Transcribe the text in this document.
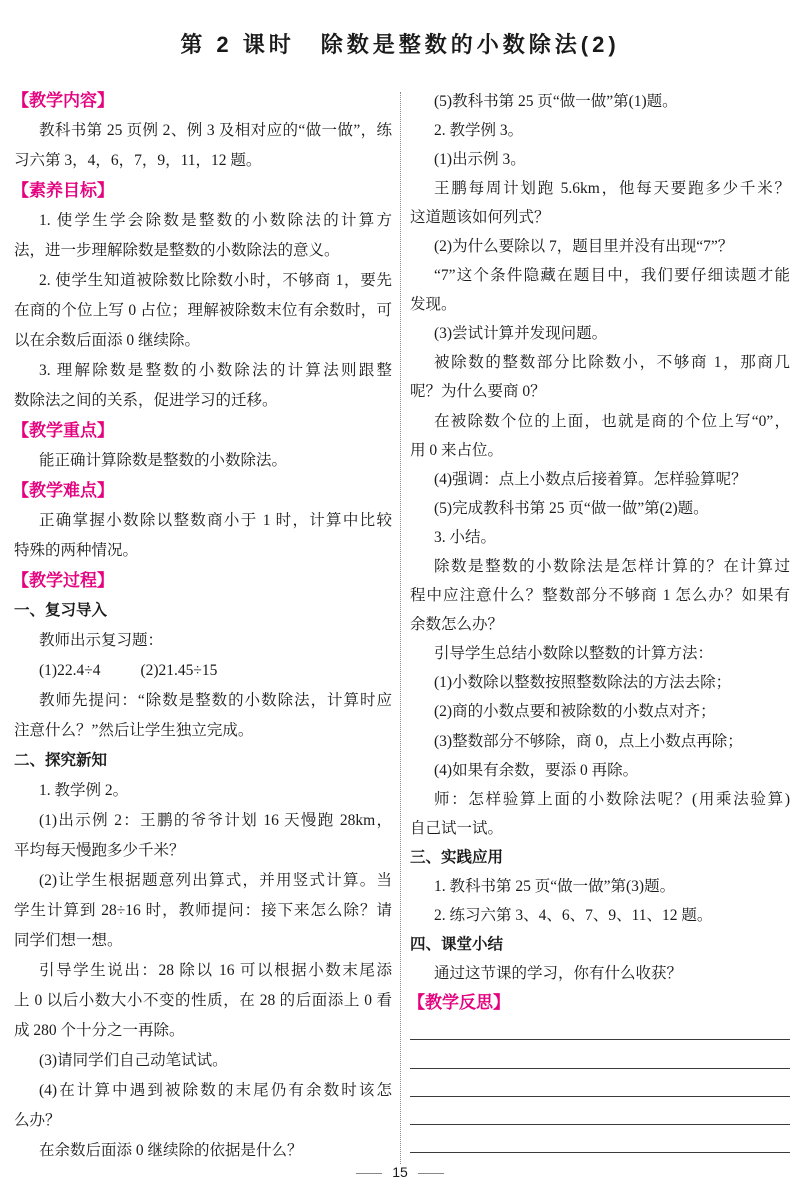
第 2 课时　除数是整数的小数除法(2)
【教学内容】

教科书第 25 页例 2、例 3 及相对应的“做一做”，练
习六第 3，4，6，7，9，11，12 题。

【素养目标】

1. 使学生学会除数是整数的小数除法的计算方
法，进一步理解除数是整数的小数除法的意义。

2. 使学生知道被除数比除数小时，不够商 1，要先
在商的个位上写 0 占位；理解被除数末位有余数时，可
以在余数后面添 0 继续除。

3. 理解除数是整数的小数除法的计算法则跟整
数除法之间的关系，促进学习的迁移。

【教学重点】

能正确计算除数是整数的小数除法。

【教学难点】

正确掌握小数除以整数商小于 1 时，计算中比较
特殊的两种情况。

【教学过程】
一、复习导入

教师出示复习题：

(1)22.4÷4	(2)21.45÷15

教师先提问：“除数是整数的小数除法，计算时应
注意什么？”然后让学生独立完成。

二、探究新知

1. 教学例 2。

(1)出示例 2：王鹏的爷爷计划 16 天慢跑 28km，
平均每天慢跑多少千米？

(2)让学生根据题意列出算式，并用竖式计算。当
学生计算到 28÷16 时，教师提问：接下来怎么除？请
同学们想一想。

引导学生说出：28 除以 16 可以根据小数末尾添
上 0 以后小数大小不变的性质，在 28 的后面添上 0 看
成 280 个十分之一再除。

(3)请同学们自己动笔试试。

(4)在计算中遇到被除数的末尾仍有余数时该怎
么办？

在余数后面添 0 继续除的依据是什么？

(5)教科书第 25 页“做一做”第(1)题。

2. 教学例 3。

(1)出示例 3。

王鹏每周计划跑 5.6km，他每天要跑多少千米？
这道题该如何列式？

(2)为什么要除以 7，题目里并没有出现“7”？

“7”这个条件隐藏在题目中，我们要仔细读题才能
发现。

(3)尝试计算并发现问题。

被除数的整数部分比除数小，不够商 1，那商几
呢？为什么要商 0？

在被除数个位的上面，也就是商的个位上写“0”，
用 0 来占位。

(4)强调：点上小数点后接着算。怎样验算呢？

(5)完成教科书第 25 页“做一做”第(2)题。

3. 小结。

除数是整数的小数除法是怎样计算的？在计算过
程中应注意什么？整数部分不够商 1 怎么办？如果有
余数怎么办？

引导学生总结小数除以整数的计算方法：

(1)小数除以整数按照整数除法的方法去除；

(2)商的小数点要和被除数的小数点对齐；

(3)整数部分不够除，商 0，点上小数点再除；

(4)如果有余数，要添 0 再除。

师：怎样验算上面的小数除法呢？(用乘法验算)
自己试一试。

三、实践应用

1. 教科书第 25 页“做一做”第(3)题。

2. 练习六第 3、4、6、7、9、11、12 题。

四、课堂小结

通过这节课的学习，你有什么收获？

【教学反思】
15
